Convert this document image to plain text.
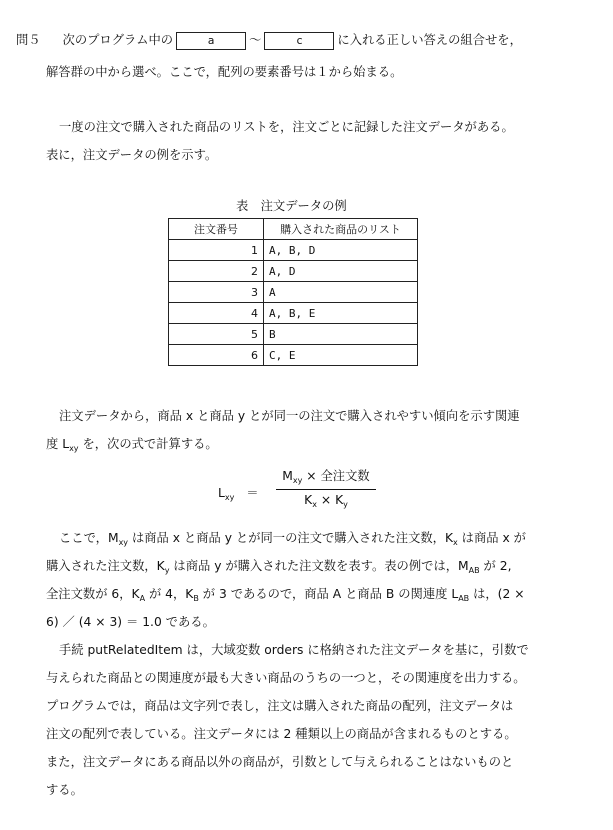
問５ 次のプログラム中の	a	～	c	に入れる正しい答えの組合せを，
解答群の中から選べ。ここで，配列の要素番号は１から始まる。
一度の注文で購入された商品のリストを，注文ごとに記録した注文データがある。
表に，注文データの例を示す。
表　注文データの例
注文番号	購入された商品のリスト
1	A, B, D
2	A, D
3	A
4	A, B, E
5	B
6	C, E
注文データから，商品 x と商品 y とが同一の注文で購入されやすい傾向を示す関連
度 $L_{xy}$ を，次の式で計算する。
$L_{xy}$ ＝
$M_{xy}$ × 全注文数
$K_x \times K_y$
ここで，$M_{xy}$ は商品 x と商品 y とが同一の注文で購入された注文数，$K_x$ は商品 x が
購入された注文数，$K_y$ は商品 y が購入された注文数を表す。表の例では，$M_{AB}$ が 2,
全注文数が 6，$K_A$ が 4，$K_B$ が 3 であるので，商品 A と商品 B の関連度 $L_{AB}$ は，(2 ×
6) ／ (4 × 3) ＝ 1.0 である。
手続 putRelatedItem は，大域変数 orders に格納された注文データを基に，引数で
与えられた商品との関連度が最も大きい商品のうちの一つと，その関連度を出力する。
プログラムでは，商品は文字列で表し，注文は購入された商品の配列，注文データは
注文の配列で表している。注文データには 2 種類以上の商品が含まれるものとする。
また，注文データにある商品以外の商品が，引数として与えられることはないものと
する。
